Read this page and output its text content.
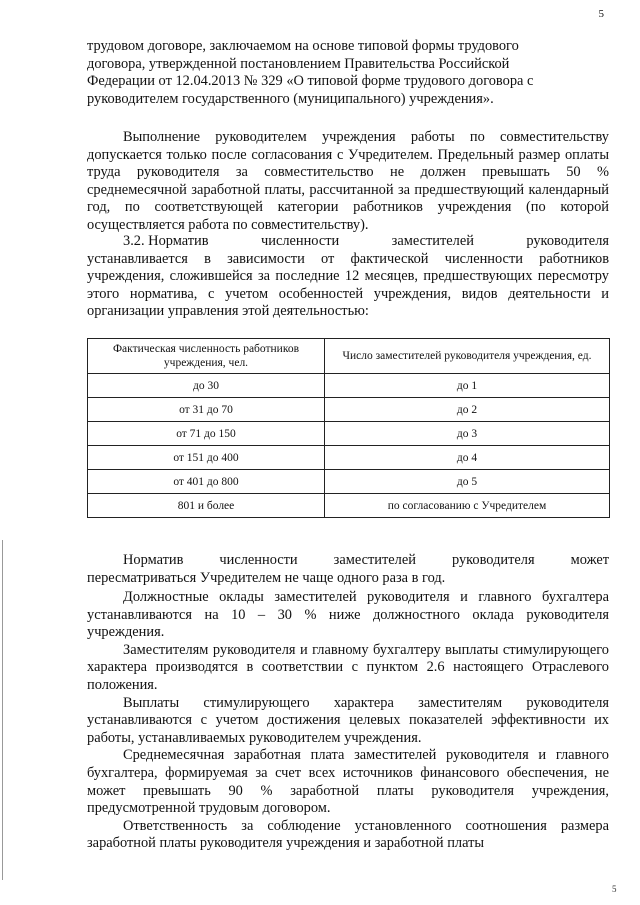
5

трудовом договоре, заключаемом на основе типовой формы трудового

договора, утвержденной постановлением Правительства Российской

Федерации от 12.04.2013 № 329 «О типовой форме трудового договора с

руководителем государственного (муниципального) учреждения».

Выполнение руководителем учреждения работы по совместительству допускается только после согласования с Учредителем. Предельный размер оплаты труда руководителя за совместительство не должен превышать 50 % среднемесячной заработной платы, рассчитанной за предшествующий календарный год, по соответствующей категории работников учреждения (по которой осуществляется работа по совместительству).

3.2. Норматив	численности	заместителей	руководителя

устанавливается в зависимости от фактической численности работников учреждения, сложившейся за последние 12 месяцев, предшествующих пересмотру этого норматива, с учетом особенностей учреждения, видов деятельности и организации управления этой деятельностью:

Фактическая численность работников учреждения, чел.	Число заместителей руководителя учреждения, ед.
до 30	до 1
от 31 до 70	до 2
от 71 до 150	до 3
от 151 до 400	до 4
от 401 до 800	до 5
801 и более	по согласованию с Учредителем
Норматив	численности	заместителей	руководителя	может

пересматриваться Учредителем не чаще одного раза в год.

Должностные оклады заместителей руководителя и главного бухгалтера устанавливаются на 10 – 30 % ниже должностного оклада руководителя учреждения.

Заместителям руководителя и главному бухгалтеру выплаты стимулирующего характера производятся в соответствии с пунктом 2.6 настоящего Отраслевого положения.

Выплаты стимулирующего характера заместителям руководителя устанавливаются с учетом достижения целевых показателей эффективности их работы, устанавливаемых руководителем учреждения.

Среднемесячная заработная плата заместителей руководителя и главного бухгалтера, формируемая за счет всех источников финансового обеспечения, не может превышать 90 % заработной платы руководителя учреждения, предусмотренной трудовым договором.

Ответственность за соблюдение установленного соотношения размера заработной платы руководителя учреждения и заработной платы

5
